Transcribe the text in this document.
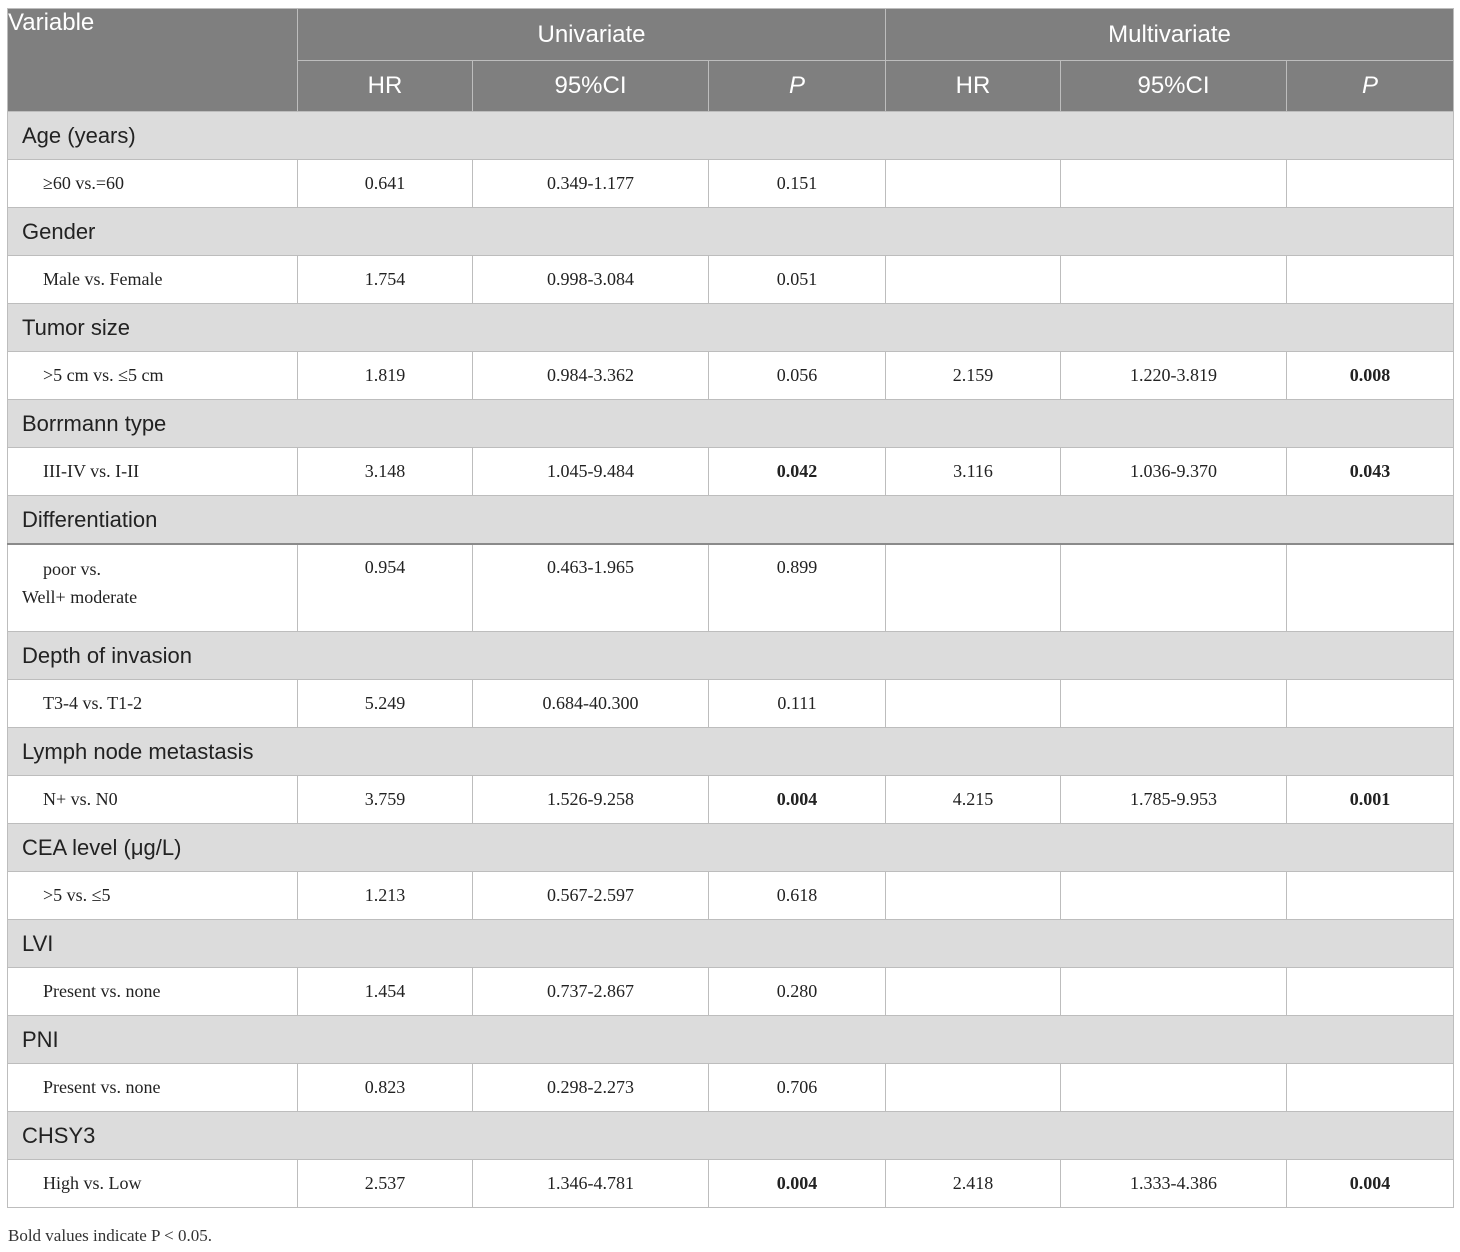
Variable	Univariate			Multivariate		
	HR	95%CI	P	HR	95%CI	P
Age (years)						
≥60 vs.=60	0.641	0.349-1.177	0.151			
Gender						
Male vs. Female	1.754	0.998-3.084	0.051			
Tumor size						
>5 cm vs. ≤5 cm	1.819	0.984-3.362	0.056	2.159	1.220-3.819	0.008
Borrmann type						
III-IV vs. I-II	3.148	1.045-9.484	0.042	3.116	1.036-9.370	0.043
Differentiation						

poor vs.
Well+ moderate	0.954	0.463-1.965	0.899			
Depth of invasion						
T3-4 vs. T1-2	5.249	0.684-40.300	0.111			
Lymph node metastasis						
N+ vs. N0	3.759	1.526-9.258	0.004	4.215	1.785-9.953	0.001
CEA level (μg/L)						
>5 vs. ≤5	1.213	0.567-2.597	0.618			
LVI						
Present vs. none	1.454	0.737-2.867	0.280			
PNI						
Present vs. none	0.823	0.298-2.273	0.706			
CHSY3						
High vs. Low	2.537	1.346-4.781	0.004	2.418	1.333-4.386	0.004
Bold values indicate P < 0.05.
